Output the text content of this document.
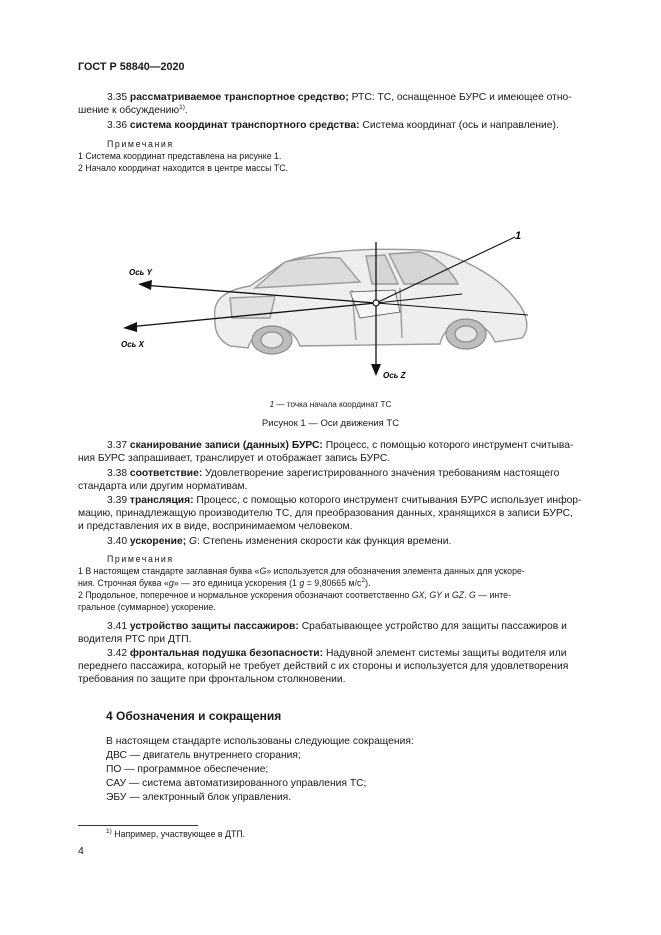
ГОСТ Р 58840—2020
3.35 рассматриваемое транспортное средство; РТС: ТС, оснащенное БУРС и имеющее отно-
шение к обсуждению$^{1)}$.
3.36 система координат транспортного средства: Система координат (ось и направление).
Примечания
1 Система координат представлена на рисунке 1.
2 Начало координат находится в центре массы ТС.
Ось Y
Ось X
Ось Z
1
1 — точка начала координат ТС
Рисунок 1 — Оси движения ТС
3.37 сканирование записи (данных) БУРС: Процесс, с помощью которого инструмент считыва-
ния БУРС запрашивает, транслирует и отображает запись БУРС.
3.38 соответствие: Удовлетворение зарегистрированного значения требованиям настоящего
стандарта или другим нормативам.
3.39 трансляция: Процесс, с помощью которого инструмент считывания БУРС использует инфор-
мацию, принадлежащую производителю ТС, для преобразования данных, хранящихся в записи БУРС,
и представления их в виде, воспринимаемом человеком.
3.40 ускорение; G: Степень изменения скорости как функция времени.
Примечания
1 В настоящем стандарте заглавная буква «G» используется для обозначения элемента данных для ускоре-
ния. Строчная буква «g» — это единица ускорения (1 g = 9,80665 $м/с^2$).
2 Продольное, поперечное и нормальное ускорения обозначают соответственно GX, GY и GZ. G — инте-
гральное (суммарное) ускорение.
3.41 устройство защиты пассажиров: Срабатывающее устройство для защиты пассажиров и
водителя РТС при ДТП.
3.42 фронтальная подушка безопасности: Надувной элемент системы защиты водителя или
переднего пассажира, который не требует действий с их стороны и используется для удовлетворения
требования по защите при фронтальном столкновении.
4 Обозначения и сокращения
В настоящем стандарте использованы следующие сокращения:
ДВС — двигатель внутреннего сгорания;
ПО — программное обеспечение;
САУ — система автоматизированного управления ТС;
ЭБУ — электронный блок управления.
$^{1)}$ Например, участвующее в ДТП.
4
